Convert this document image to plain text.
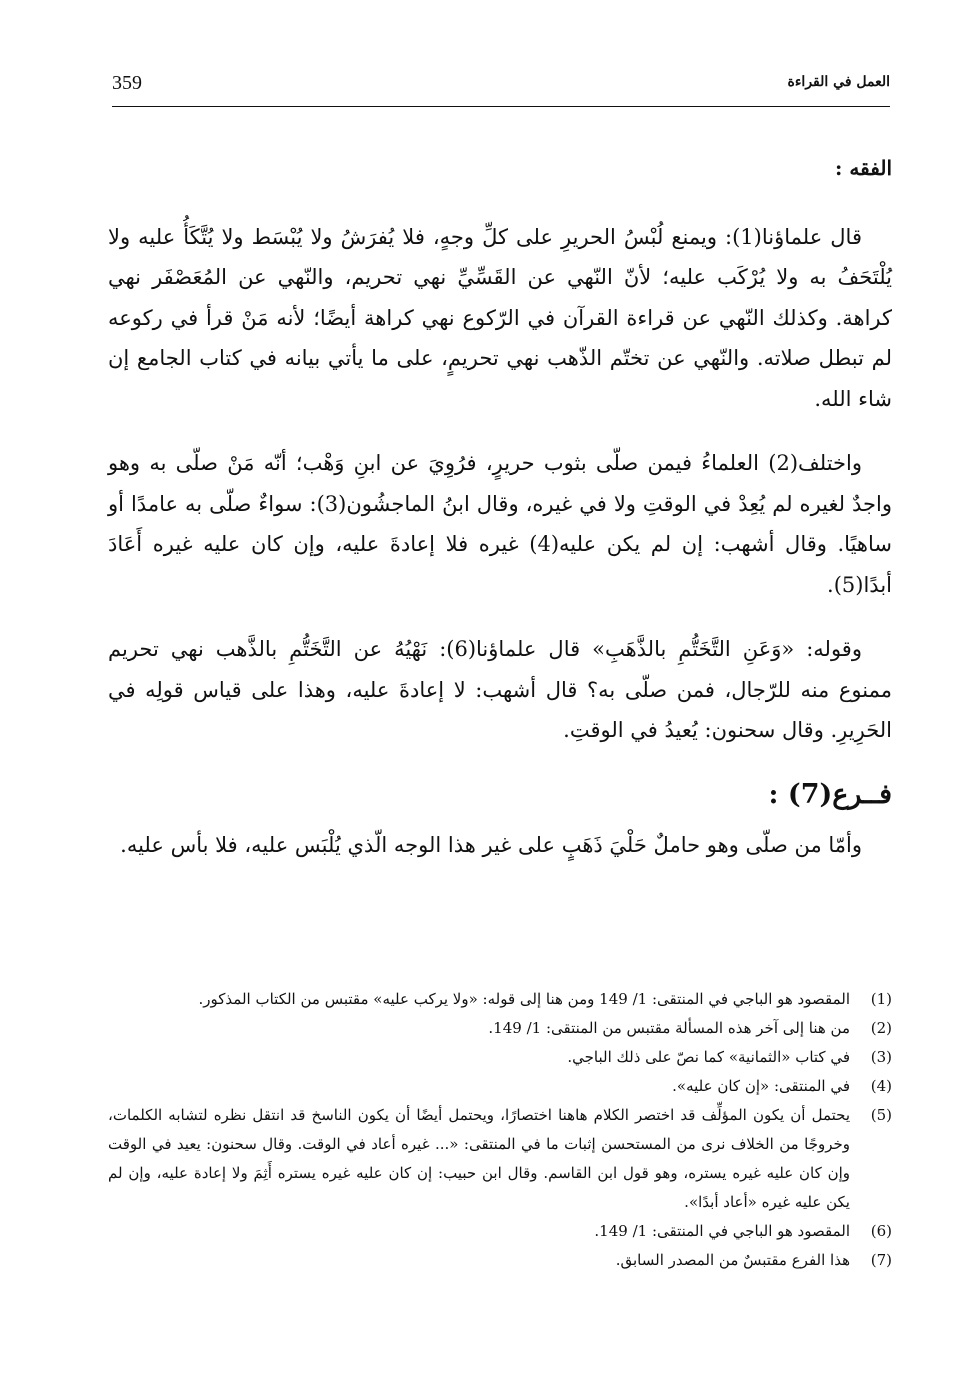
359	العمل في القراءة
الفقه :

قال علماؤنا(1): ويمنع لُبْسُ الحريرِ على كلِّ وجهٍ، فلا يُفرَشُ ولا يُبْسَط ولا يُتَّكَأُ عليه ولا يُلْتَحَفُ به ولا يُرْكَب عليه؛ لأنّ النّهي عن القَسِّيِّ نهي تحريم، والنّهي عن المُعَصْفَر نهي كراهة. وكذلك النّهي عن قراءة القرآن في الرّكوع نهي كراهة أيضًا؛ لأنه مَنْ قرأ في ركوعه لم تبطل صلاته. والنّهي عن تختّم الذّهب نهي تحريمٍ، على ما يأتي بيانه في كتاب الجامع إن شاء الله.

واختلف(2) العلماءُ فيمن صلّى بثوب حريرٍ، فرُوِيَ عن ابنِ وَهْب؛ أنّه مَنْ صلّى به وهو واجدٌ لغيره لم يُعِدْ في الوقتِ ولا في غيره، وقال ابنُ الماجشُون(3): سواءٌ صلّى به عامدًا أو ساهيًا. وقال أشهب: إن لم يكن عليه(4) غيره فلا إعادةَ عليه، وإن كان عليه غيره أَعَادَ أبدًا(5).

وقوله: «وَعَنِ التَّخَتُّمِ بالذَّهَبِ» قال علماؤنا(6): نَهْيُهُ عن التَّخَتُّمِ بالذَّهب نهي تحريم ممنوع منه للرّجال، فمن صلّى به؟ قال أشهب: لا إعادةَ عليه، وهذا على قياس قولِه في الحَرِيرِ. وقال سحنون: يُعيدُ في الوقتِ.

فــرع(7) :

وأمّا من صلّى وهو حاملٌ حَلْيَ ذَهَبٍ على غير هذا الوجه الّذي يُلْبَس عليه، فلا بأس عليه.

(1)
المقصود هو الباجي في المنتقى: 1/ 149 ومن هنا إلى قوله: «ولا يركب عليه» مقتبس من الكتاب المذكور.
(2)
من هنا إلى آخر هذه المسألة مقتبس من المنتقى: 1/ 149.
(3)
في كتاب «الثمانية» كما نصّ على ذلك الباجي.
(4)
في المنتقى: «إن كان عليه».
(5)
يحتمل أن يكون المؤلِّف قد اختصر الكلام هاهنا اختصارًا، ويحتمل أيضًا أن يكون الناسخ قد انتقل نظره لتشابه الكلمات، وخروجًا من الخلاف نرى من المستحسن إثبات ما في المنتقى: «... غيره أعاد في الوقت. وقال سحنون: يعيد في الوقت وإن كان عليه غيره يستره، وهو قول ابن القاسم. وقال ابن حبيب: إن كان عليه غيره يستره أَثِمَ ولا إعادة عليه، وإن لم يكن عليه غيره «أعاد أبدًا».
(6)
المقصود هو الباجي في المنتقى: 1/ 149.
(7)
هذا الفرع مقتبسٌ من المصدر السابق.
